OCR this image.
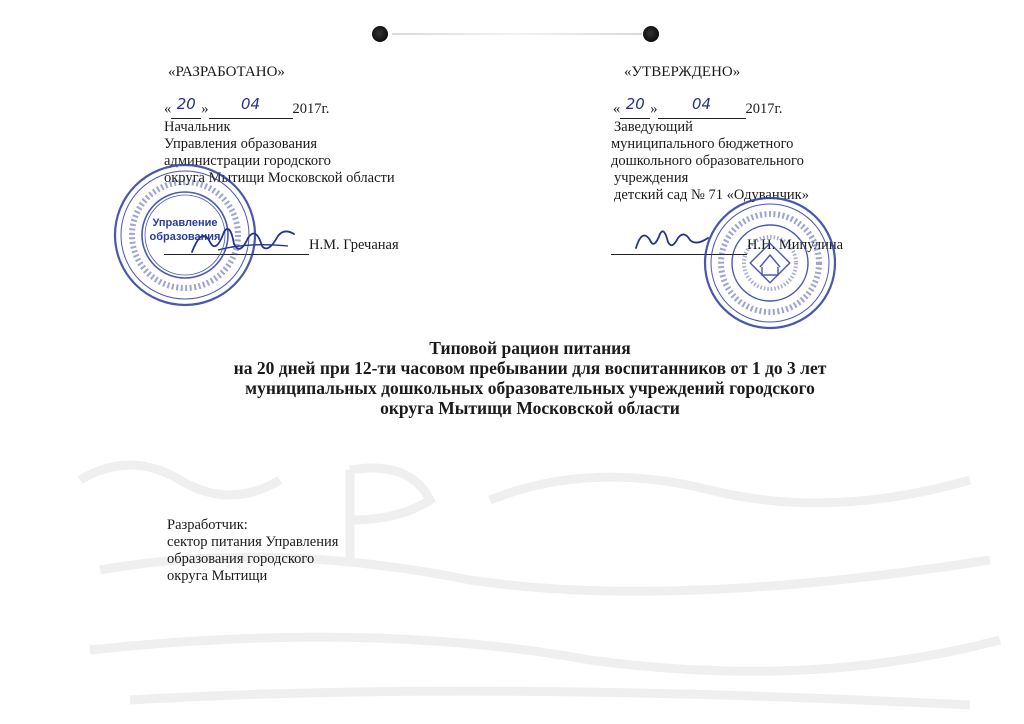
«РАЗРАБОТАНО»
« 20 »	04	2017г.
Начальник
Управления образования
администрации городского
округа Мытищи Московской области
Н.М. Гречаная
Управление
образования
«УТВЕРЖДЕНО»
« 20 »	04	2017г.
Заведующий
муниципального бюджетного
дошкольного образовательного
учреждения
детский сад № 71 «Одуванчик»
Н.Н. Мипулина
Типовой рацион питания
на 20 дней при 12-ти часовом пребывании для воспитанников от 1 до 3 лет
муниципальных дошкольных образовательных учреждений городского
округа Мытищи Московской области
Разработчик:
сектор питания Управления
образования городского
округа Мытищи
